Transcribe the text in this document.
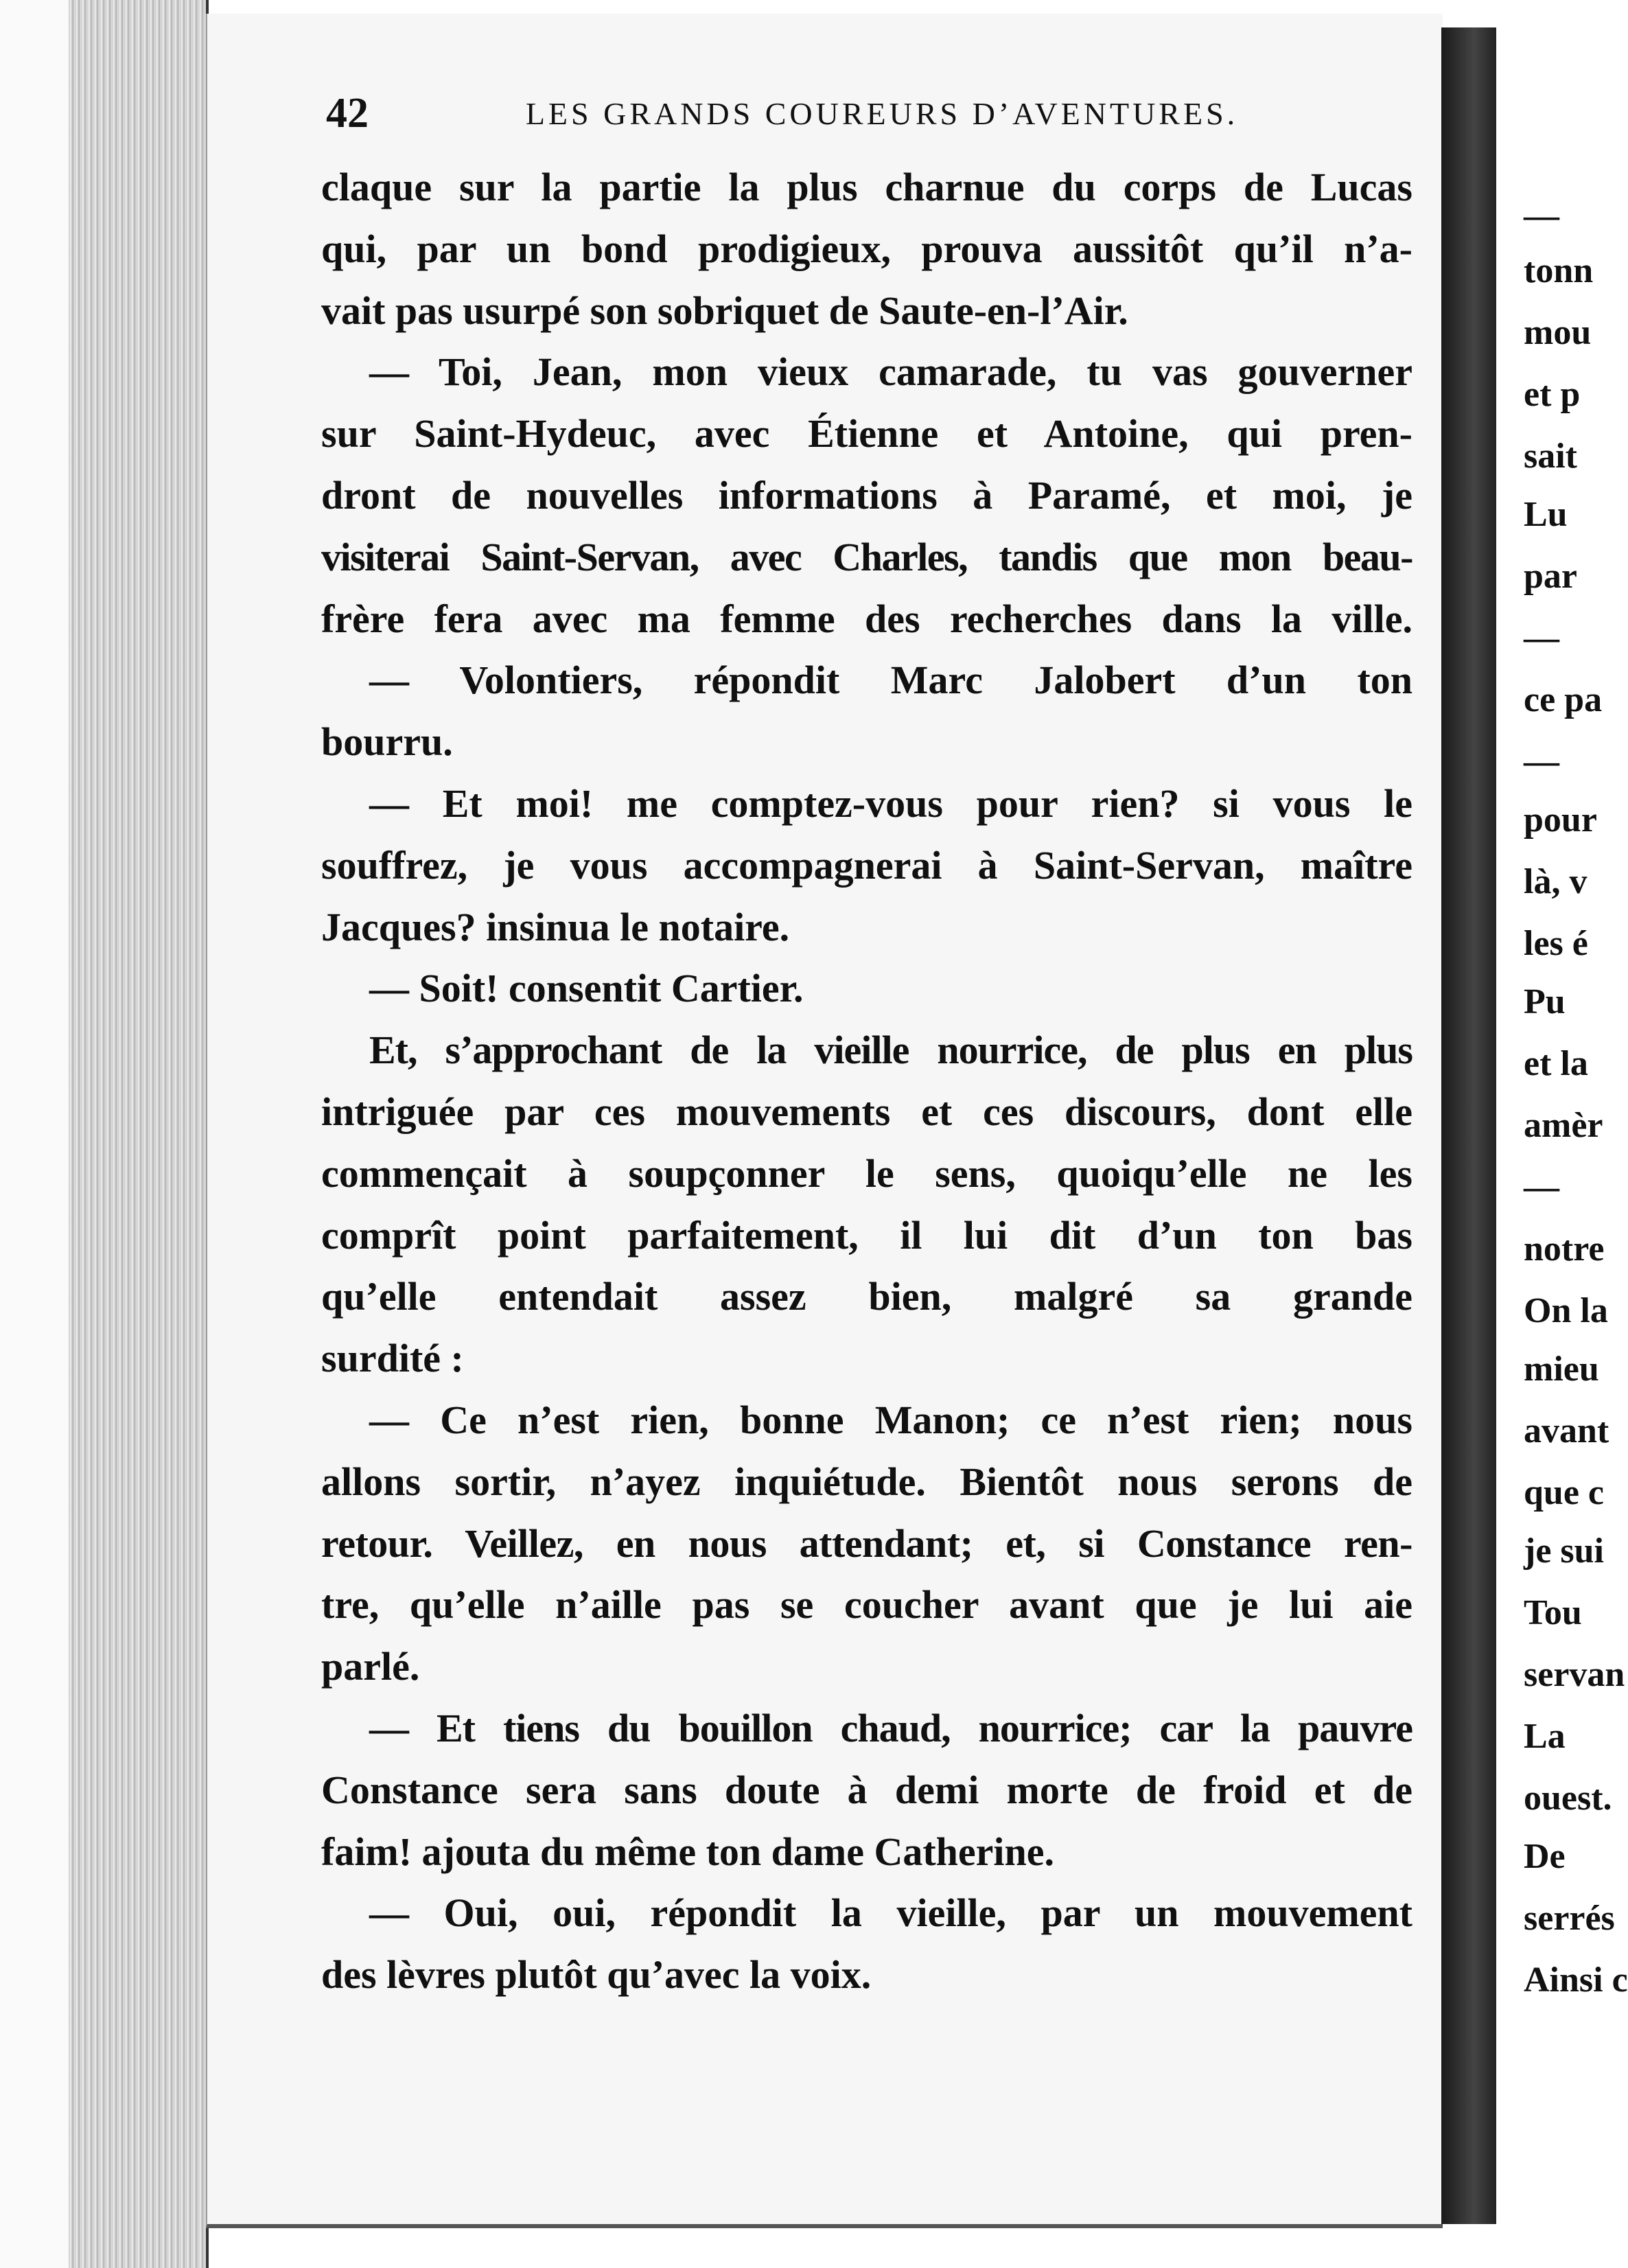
42	LES GRANDS COUREURS D’AVENTURES.
claque sur la partie la plus charnue du corps de Lucas
qui, par un bond prodigieux, prouva aussitôt qu’il n’a-
vait pas usurpé son sobriquet de Saute-en-l’Air.
— Toi, Jean, mon vieux camarade, tu vas gouverner
sur Saint-Hydeuc, avec Étienne et Antoine, qui pren-
dront de nouvelles informations à Paramé, et moi, je
visiterai Saint-Servan, avec Charles, tandis que mon beau-
frère fera avec ma femme des recherches dans la ville.
— Volontiers, répondit Marc Jalobert d’un ton
bourru.
— Et moi! me comptez-vous pour rien? si vous le
souffrez, je vous accompagnerai à Saint-Servan, maître
Jacques? insinua le notaire.
— Soit! consentit Cartier.
Et, s’approchant de la vieille nourrice, de plus en plus
intriguée par ces mouvements et ces discours, dont elle
commençait à soupçonner le sens, quoiqu’elle ne les
comprît point parfaitement, il lui dit d’un ton bas
qu’elle entendait assez bien, malgré sa grande
surdité :
— Ce n’est rien, bonne Manon; ce n’est rien; nous
allons sortir, n’ayez inquiétude. Bientôt nous serons de
retour. Veillez, en nous attendant; et, si Constance ren-
tre, qu’elle n’aille pas se coucher avant que je lui aie
parlé.
— Et tiens du bouillon chaud, nourrice; car la pauvre
Constance sera sans doute à demi morte de froid et de
faim! ajouta du même ton dame Catherine.
— Oui, oui, répondit la vieille, par un mouvement
des lèvres plutôt qu’avec la voix.
—
tonn
mou
et p
sait
Lu
par
—
ce pa
—
pour
là, v
les é
Pu
et la
amèr
—
notre
On la
mieu
avant
que c
je sui
Tou
servan
La
ouest.
De
serrés
Ainsi c
